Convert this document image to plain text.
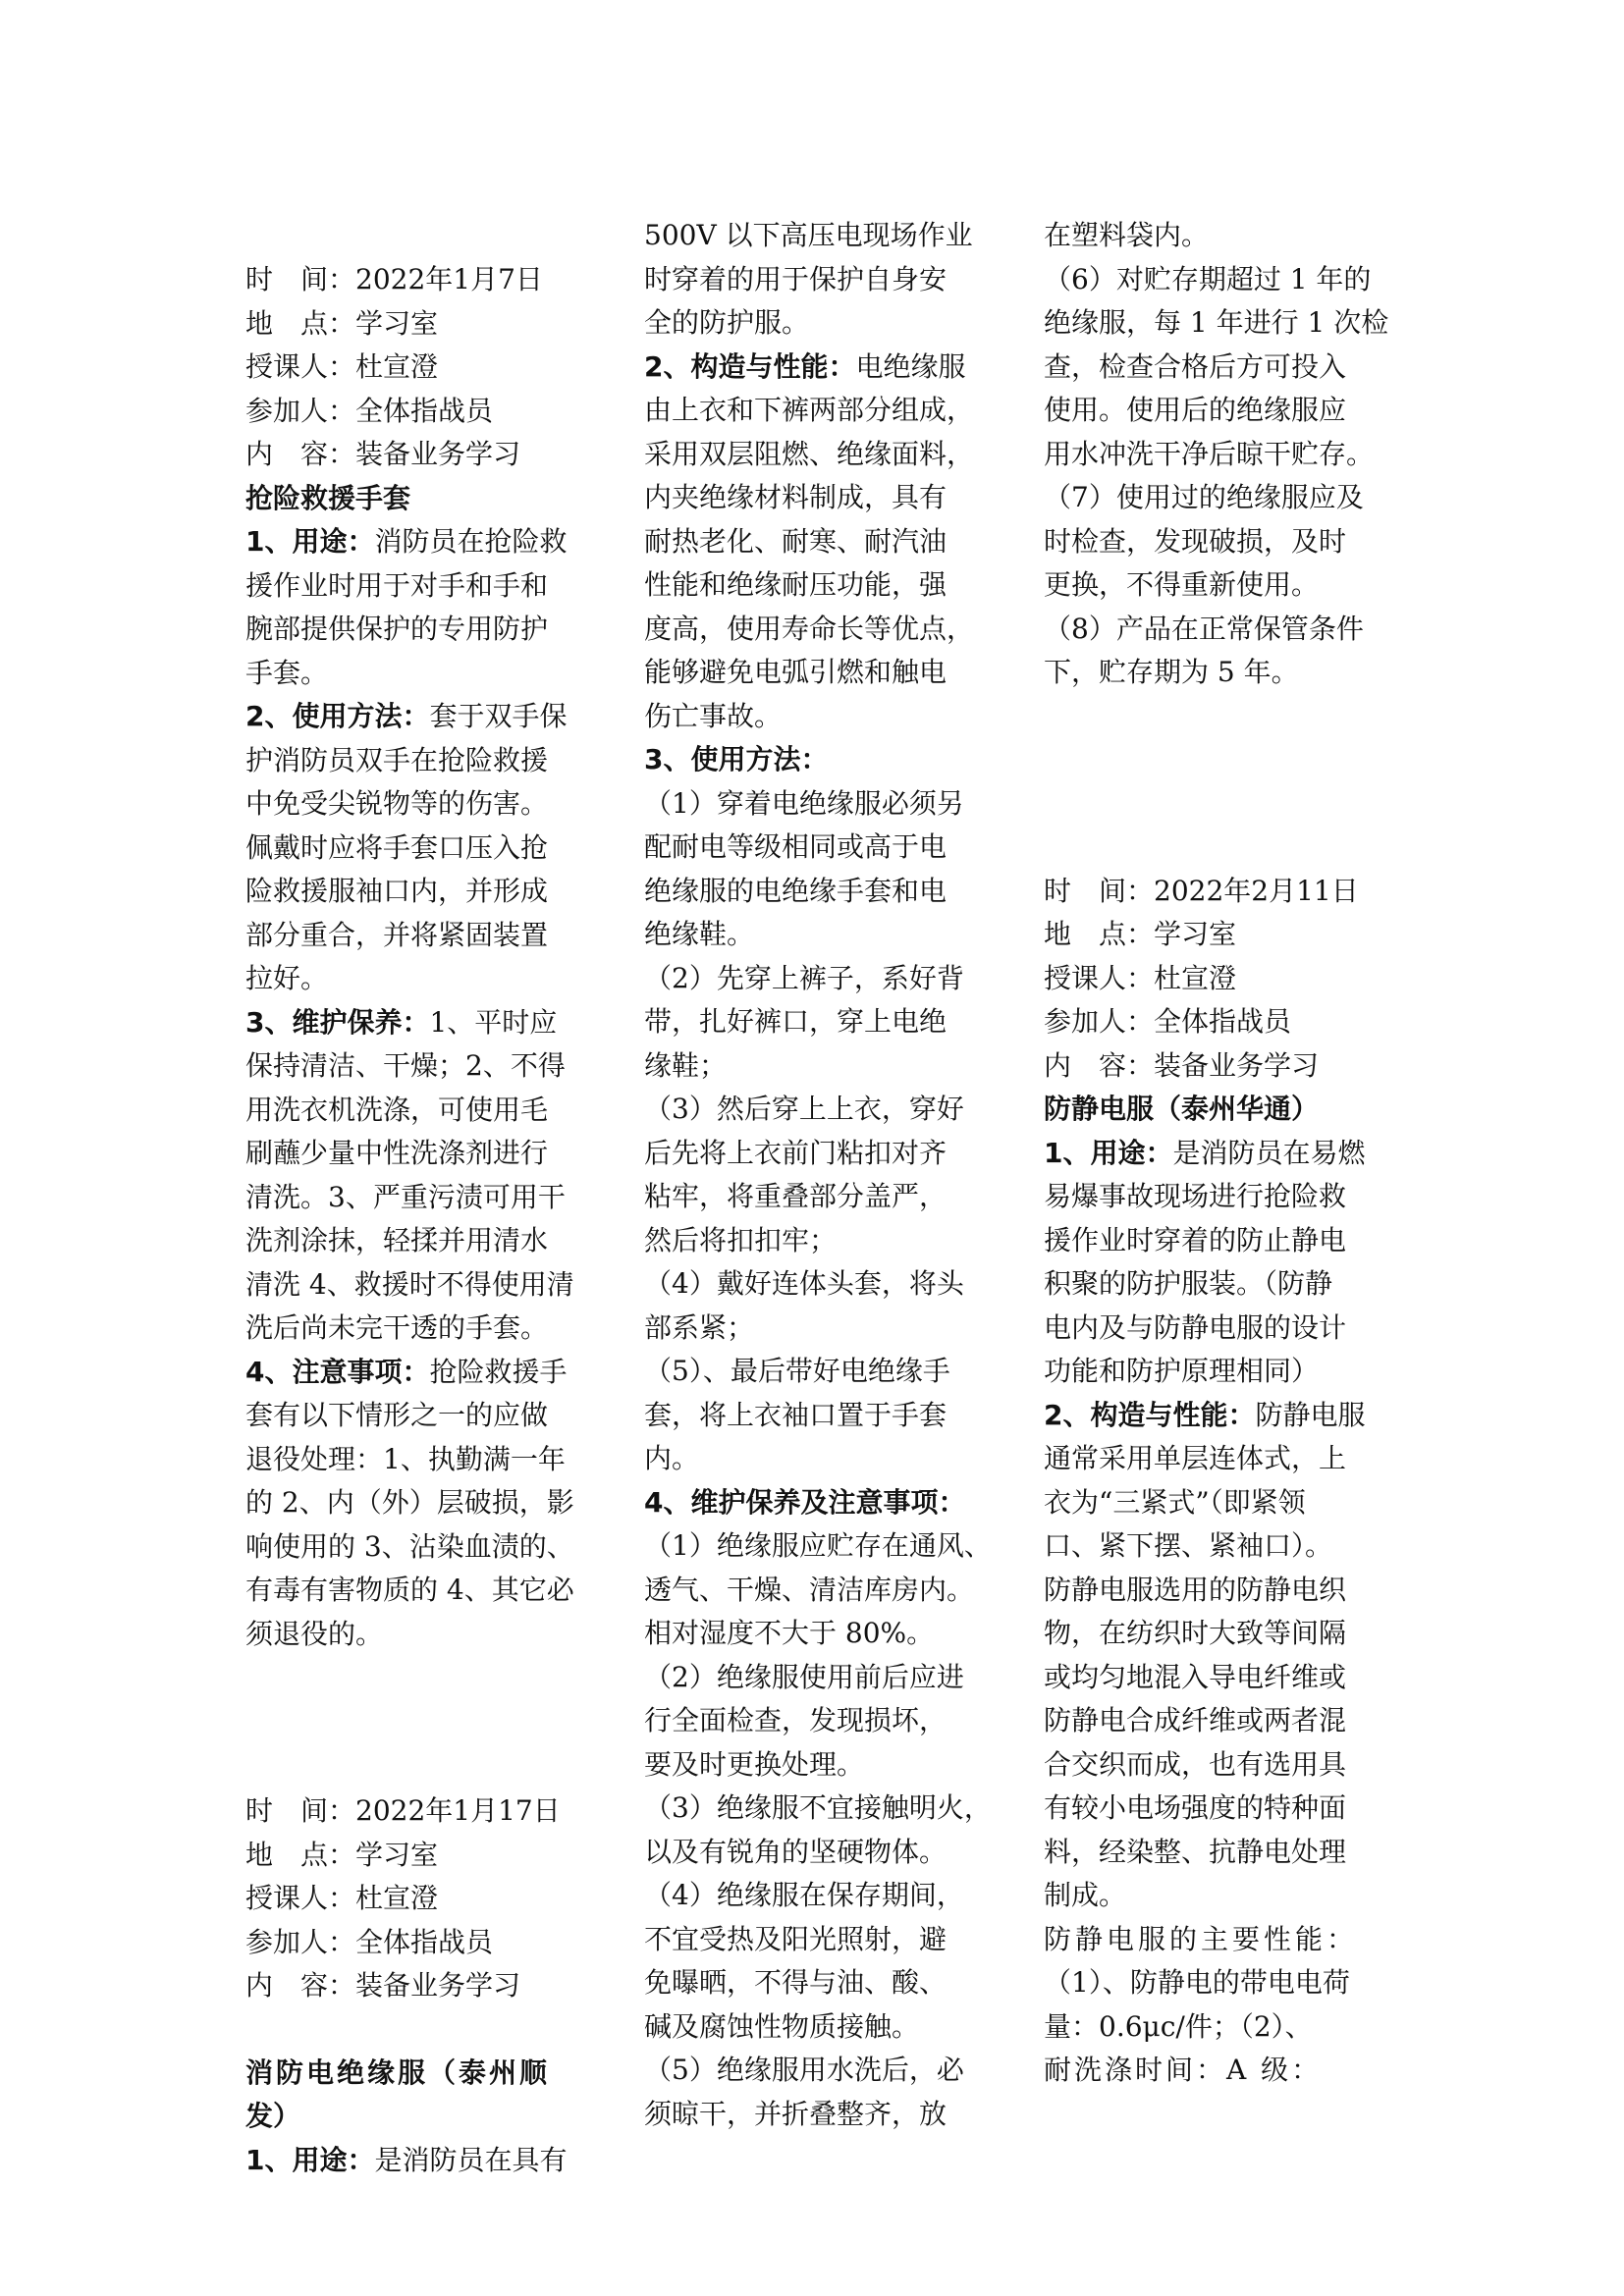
时　间：2022年1月7日
地　点：学习室
授课人：杜宣澄
参加人：全体指战员
内　容：装备业务学习
抢险救援手套
1、用途：消防员在抢险救
援作业时用于对手和手和
腕部提供保护的专用防护
手套。
2、使用方法：套于双手保
护消防员双手在抢险救援
中免受尖锐物等的伤害。
佩戴时应将手套口压入抢
险救援服袖口内，并形成
部分重合，并将紧固装置
拉好。
3、维护保养：1、平时应
保持清洁、干燥；2、不得
用洗衣机洗涤，可使用毛
刷蘸少量中性洗涤剂进行
清洗。3、严重污渍可用干
洗剂涂抹，轻揉并用清水
清洗 4、救援时不得使用清
洗后尚未完干透的手套。
4、注意事项：抢险救援手
套有以下情形之一的应做
退役处理：1、执勤满一年
的 2、内（外）层破损，影
响使用的 3、沾染血渍的、
有毒有害物质的 4、其它必
须退役的。
时　间：2022年1月17日
地　点：学习室
授课人：杜宣澄
参加人：全体指战员
内　容：装备业务学习
消防电绝缘服（泰州顺
发）
1、用途：是消防员在具有
500V 以下高压电现场作业
时穿着的用于保护自身安
全的防护服。
2、构造与性能：电绝缘服
由上衣和下裤两部分组成，
采用双层阻燃、绝缘面料，
内夹绝缘材料制成，具有
耐热老化、耐寒、耐汽油
性能和绝缘耐压功能，强
度高，使用寿命长等优点，
能够避免电弧引燃和触电
伤亡事故。
3、使用方法：
（1）穿着电绝缘服必须另
配耐电等级相同或高于电
绝缘服的电绝缘手套和电
绝缘鞋。
（2）先穿上裤子，系好背
带，扎好裤口，穿上电绝
缘鞋；
（3）然后穿上上衣，穿好
后先将上衣前门粘扣对齐
粘牢，将重叠部分盖严，
然后将扣扣牢；
（4）戴好连体头套，将头
部系紧；
（5）、最后带好电绝缘手
套，将上衣袖口置于手套
内。
4、维护保养及注意事项：
（1）绝缘服应贮存在通风、
透气、干燥、清洁库房内。
相对湿度不大于 80%。
（2）绝缘服使用前后应进
行全面检查，发现损坏，
要及时更换处理。
（3）绝缘服不宜接触明火，
以及有锐角的坚硬物体。
（4）绝缘服在保存期间，
不宜受热及阳光照射，避
免曝晒，不得与油、酸、
碱及腐蚀性物质接触。
（5）绝缘服用水洗后，必
须晾干，并折叠整齐，放
在塑料袋内。
（6）对贮存期超过 1 年的
绝缘服，每 1 年进行 1 次检
查，检查合格后方可投入
使用。使用后的绝缘服应
用水冲洗干净后晾干贮存。
（7）使用过的绝缘服应及
时检查，发现破损，及时
更换，不得重新使用。
（8）产品在正常保管条件
下，贮存期为 5 年。
时　间：2022年2月11日
地　点：学习室
授课人：杜宣澄
参加人：全体指战员
内　容：装备业务学习
防静电服（泰州华通）
1、用途：是消防员在易燃
易爆事故现场进行抢险救
援作业时穿着的防止静电
积聚的防护服装。（防静
电内及与防静电服的设计
功能和防护原理相同）
2、构造与性能：防静电服
通常采用单层连体式，上
衣为“三紧式”（即紧领
口、紧下摆、紧袖口）。
防静电服选用的防静电织
物，在纺织时大致等间隔
或均匀地混入导电纤维或
防静电合成纤维或两者混
合交织而成，也有选用具
有较小电场强度的特种面
料，经染整、抗静电处理
制成。
防静电服的主要性能：
（1）、防静电的带电电荷
量：0.6μc/件；（2）、
耐洗涤时间：A 级：
